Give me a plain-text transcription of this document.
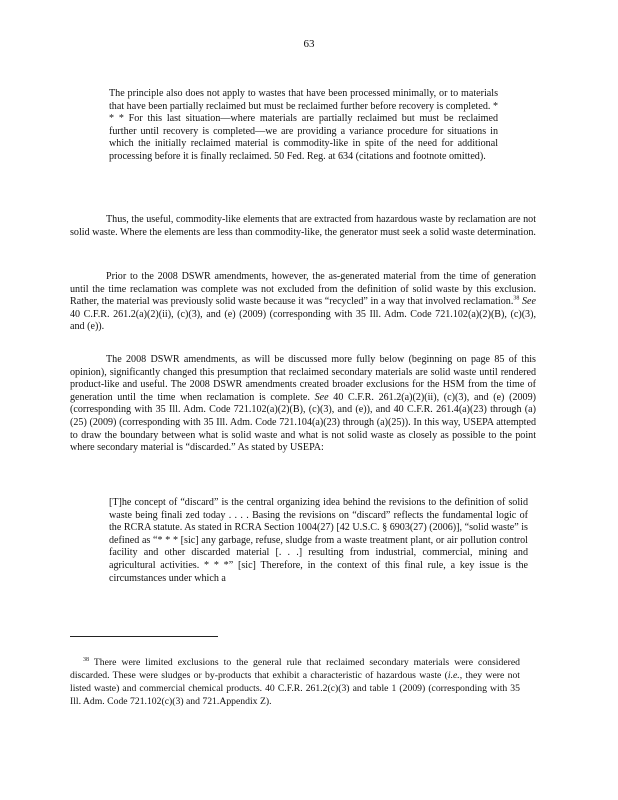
63

The principle also does not apply to wastes that have been processed minimally, or to materials that have been partially reclaimed but must be reclaimed further before recovery is completed. * * * For this last situation—where materials are partially reclaimed but must be reclaimed further until recovery is completed—we are providing a variance procedure for situations in which the initially reclaimed material is commodity-like in spite of the need for additional processing before it is finally reclaimed. 50 Fed. Reg. at 634 (citations and footnote omitted).

Thus, the useful, commodity-like elements that are extracted from hazardous waste by reclamation are not solid waste. Where the elements are less than commodity-like, the generator must seek a solid waste determination.

Prior to the 2008 DSWR amendments, however, the as-generated material from the time of generation until the time reclamation was complete was not excluded from the definition of solid waste by this exclusion. Rather, the material was previously solid waste because it was “recycled” in a way that involved reclamation.$^{38}$ See 40 C.F.R. 261.2(a)(2)(ii), (c)(3), and (e) (2009) (corresponding with 35 Ill. Adm. Code 721.102(a)(2)(B), (c)(3), and (e)).

The 2008 DSWR amendments, as will be discussed more fully below (beginning on page 85 of this opinion), significantly changed this presumption that reclaimed secondary materials are solid waste until rendered product-like and useful. The 2008 DSWR amendments created broader exclusions for the HSM from the time of generation until the time when reclamation is complete. See 40 C.F.R. 261.2(a)(2)(ii), (c)(3), and (e) (2009) (corresponding with 35 Ill. Adm. Code 721.102(a)(2)(B), (c)(3), and (e)), and 40 C.F.R. 261.4(a)(23) through (a)(25) (2009) (corresponding with 35 Ill. Adm. Code 721.104(a)(23) through (a)(25)). In this way, USEPA attempted to draw the boundary between what is solid waste and what is not solid waste as closely as possible to the point where secondary material is “discarded.” As stated by USEPA:

[T]he concept of “discard” is the central organizing idea behind the revisions to the definition of solid waste being finali zed today . . . . Basing the revisions on “discard” reflects the fundamental logic of the RCRA statute. As stated in RCRA Section 1004(27) [42 U.S.C. § 6903(27) (2006)], “solid waste” is defined as “* * * [sic] any garbage, refuse, sludge from a waste treatment plant, or air pollution control facility and other discarded material [. . .] resulting from industrial, commercial, mining and agricultural activities. * * *” [sic] Therefore, in the context of this final rule, a key issue is the circumstances under which a

$^{38}$ There were limited exclusions to the general rule that reclaimed secondary materials were considered discarded. These were sludges or by-products that exhibit a characteristic of hazardous waste (i.e., they were not listed waste) and commercial chemical products. 40 C.F.R. 261.2(c)(3) and table 1 (2009) (corresponding with 35 Ill. Adm. Code 721.102(c)(3) and 721.Appendix Z).
